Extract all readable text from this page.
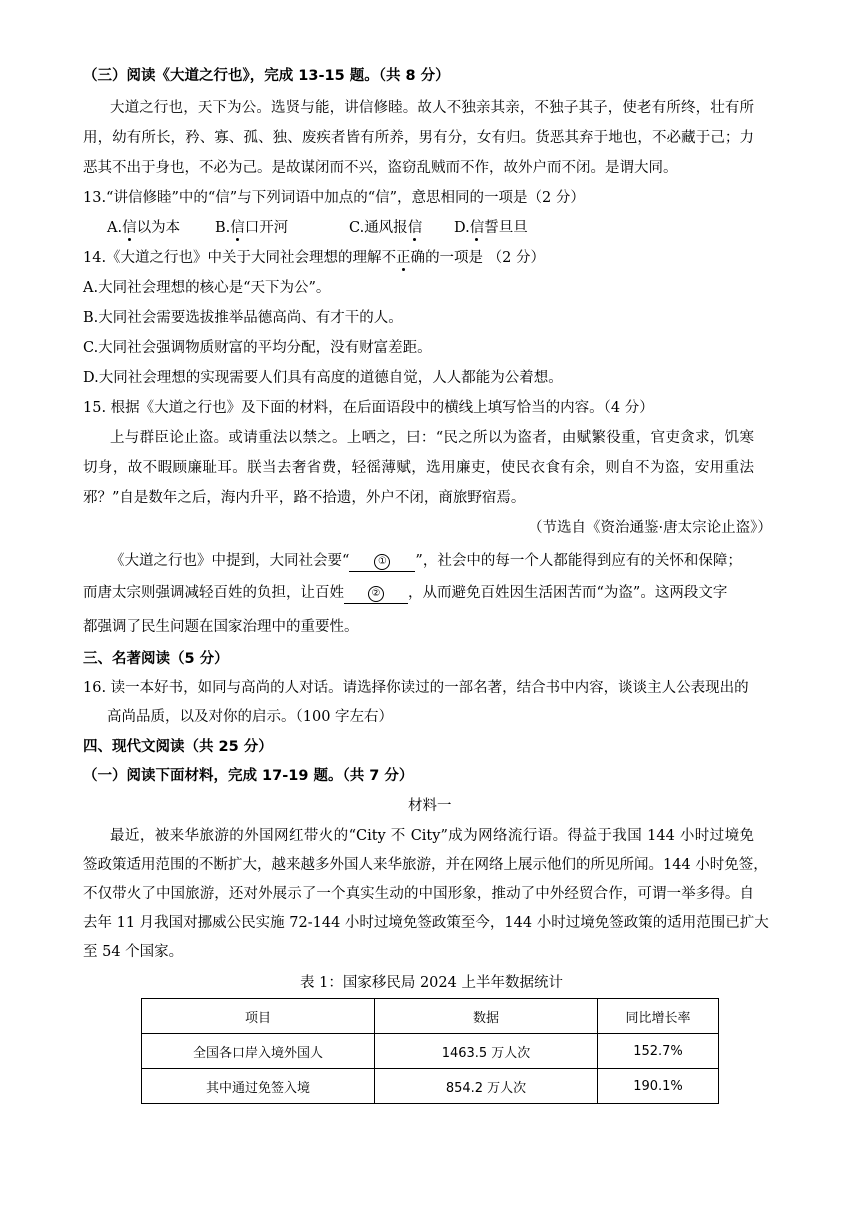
（三）阅读《大道之行也》，完成 13-15 题。（共 8 分）
大道之行也，天下为公。选贤与能，讲信修睦。故人不独亲其亲，不独子其子，使老有所终，壮有所
用，幼有所长，矜、寡、孤、独、废疾者皆有所养，男有分，女有归。货恶其弃于地也，不必藏于己；力
恶其不出于身也，不必为己。是故谋闭而不兴，盗窃乱贼而不作，故外户而不闭。是谓大同。
13.“讲信修睦”中的“信”与下列词语中加点的“信”，意思相同的一项是（2 分）
A.信以为本 B.信口开河	C.通风报信 D.信誓旦旦
14.《大道之行也》中关于大同社会理想的理解不正确的一项是 （2 分）
A.大同社会理想的核心是“天下为公”。
B.大同社会需要选拔推举品德高尚、有才干的人。
C.大同社会强调物质财富的平均分配，没有财富差距。
D.大同社会理想的实现需要人们具有高度的道德自觉，人人都能为公着想。
15. 根据《大道之行也》及下面的材料，在后面语段中的横线上填写恰当的内容。（4 分）
上与群臣论止盗。或请重法以禁之。上哂之，曰：“民之所以为盗者，由赋繁役重，官吏贪求，饥寒
切身，故不暇顾廉耻耳。朕当去奢省费，轻徭薄赋，选用廉吏，使民衣食有余，则自不为盗，安用重法
邪？”自是数年之后，海内升平，路不拾遗，外户不闭，商旅野宿焉。
（节选自《资治通鉴·唐太宗论止盗》）
《大道之行也》中提到，大同社会要“	① ”，社会中的每一个人都能得到应有的关怀和保障；
而唐太宗则强调减轻百姓的负担，让百姓	② ，从而避免百姓因生活困苦而“为盗”。这两段文字
都强调了民生问题在国家治理中的重要性。
三、名著阅读（5 分）
16. 读一本好书，如同与高尚的人对话。请选择你读过的一部名著，结合书中内容，谈谈主人公表现出的
高尚品质，以及对你的启示。（100 字左右）
四、现代文阅读（共 25 分）
（一）阅读下面材料，完成 17-19 题。（共 7 分）
材料一
最近，被来华旅游的外国网红带火的“City 不 City”成为网络流行语。得益于我国 144 小时过境免
签政策适用范围的不断扩大，越来越多外国人来华旅游，并在网络上展示他们的所见所闻。144 小时免签，
不仅带火了中国旅游，还对外展示了一个真实生动的中国形象，推动了中外经贸合作，可谓一举多得。自
去年 11 月我国对挪威公民实施 72-144 小时过境免签政策至今，144 小时过境免签政策的适用范围已扩大
至 54 个国家。
表 1：国家移民局 2024 上半年数据统计
项目	数据	同比增长率
全国各口岸入境外国人	1463.5 万人次	152.7%
其中通过免签入境	854.2 万人次	190.1%
